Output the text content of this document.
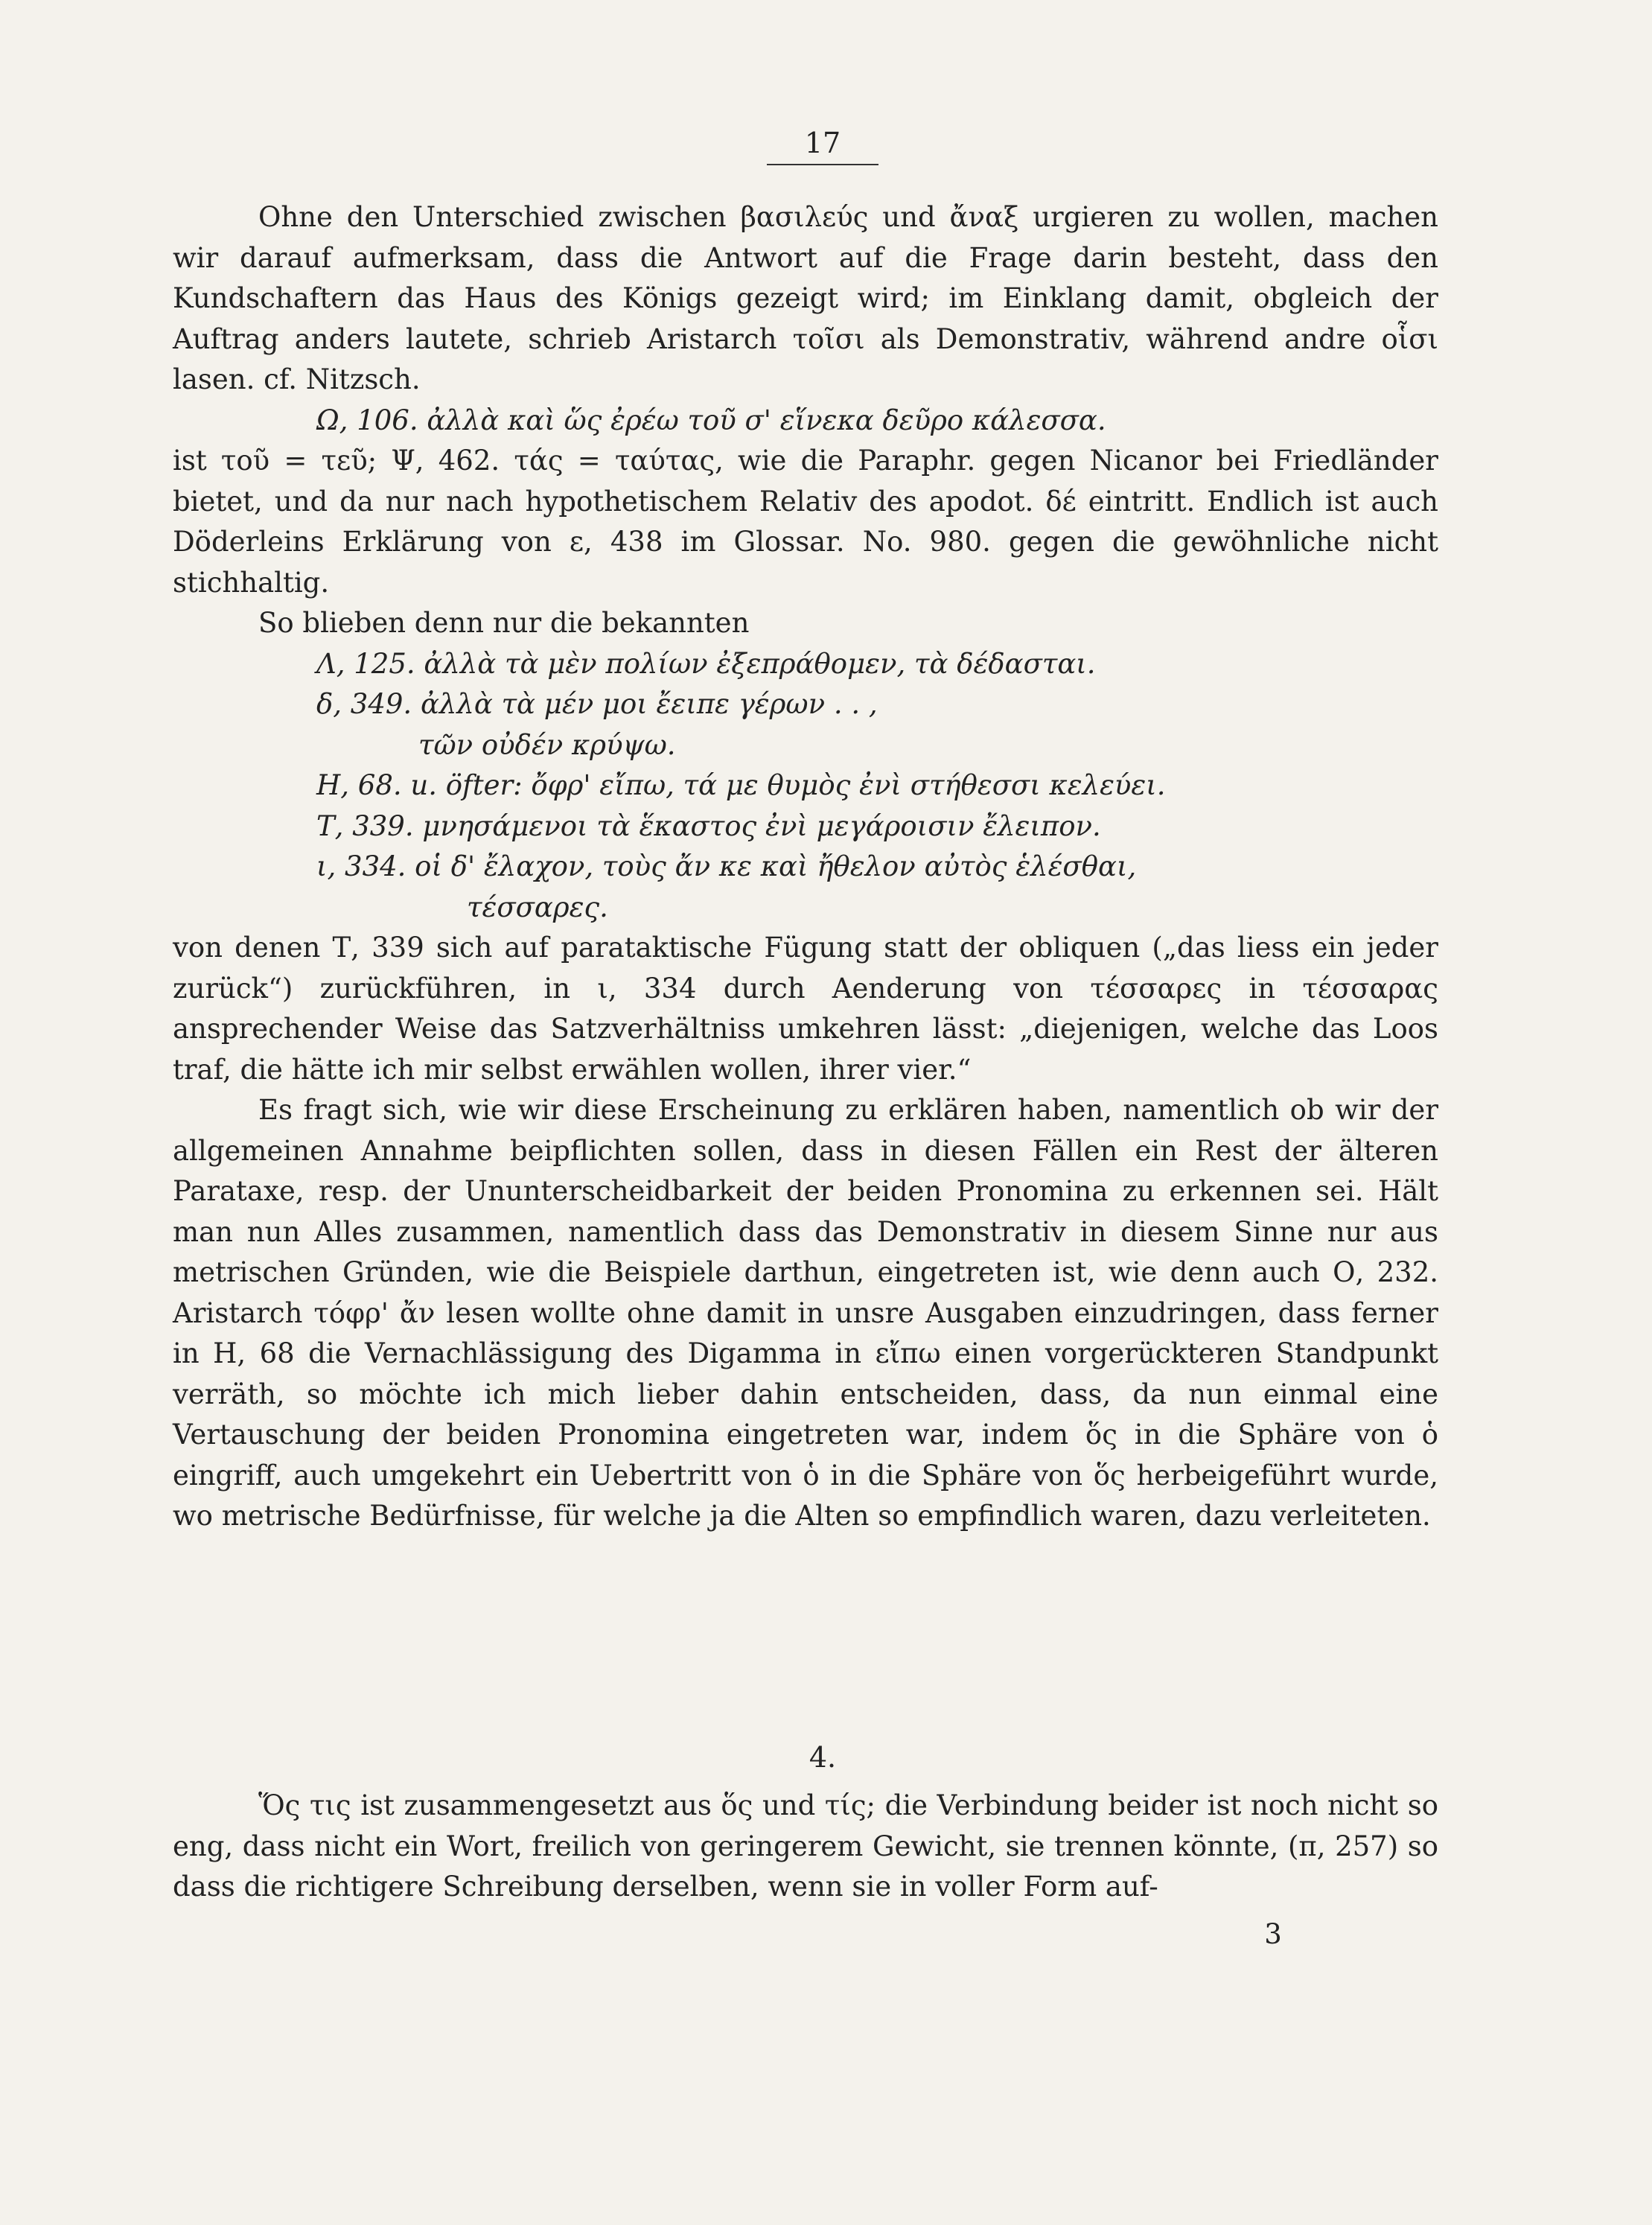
17

Ohne den Unterschied zwischen βασιλεύς und ἄναξ urgieren zu wollen, machen wir darauf aufmerksam, dass die Antwort auf die Frage darin besteht, dass den Kundschaftern das Haus des Königs gezeigt wird; im Einklang damit, obgleich der Auftrag anders lautete, schrieb Aristarch τοῖσι als Demonstrativ, während andre οἷσι lasen. cf. Nitzsch.

Ω, 106. ἀλλὰ καὶ ὥς ἐρέω τοῦ σ' εἵνεκα δεῦρο κάλεσσα.

ist τοῦ = τεῦ; Ψ, 462. τάς = ταύτας, wie die Paraphr. gegen Nicanor bei Friedländer bietet, und da nur nach hypothetischem Relativ des apodot. δέ eintritt. Endlich ist auch Döderleins Erklärung von ε, 438 im Glossar. No. 980. gegen die gewöhnliche nicht stichhaltig.

So blieben denn nur die bekannten

Λ, 125. ἀλλὰ τὰ μὲν πολίων ἐξεπράθομεν, τὰ δέδασται.

δ, 349. ἀλλὰ τὰ μέν μοι ἔειπε γέρων . . ,

τῶν οὐδέν κρύψω.

Η, 68. u. öfter: ὄφρ' εἴπω, τά με θυμὸς ἐνὶ στήθεσσι κελεύει.

Τ, 339. μνησάμενοι τὰ ἕκαστος ἐνὶ μεγάροισιν ἔλειπον.

ι, 334. οἱ δ' ἔλαχον, τοὺς ἄν κε καὶ ἤθελον αὐτὸς ἑλέσθαι,

τέσσαρες.

von denen Τ, 339 sich auf parataktische Fügung statt der obliquen („das liess ein jeder zurück“) zurückführen, in ι, 334 durch Aenderung von τέσσαρες in τέσσαρας ansprechender Weise das Satzverhältniss umkehren lässt: „diejenigen, welche das Loos traf, die hätte ich mir selbst erwählen wollen, ihrer vier.“

Es fragt sich, wie wir diese Erscheinung zu erklären haben, namentlich ob wir der allgemeinen Annahme beipflichten sollen, dass in diesen Fällen ein Rest der älteren Parataxe, resp. der Ununterscheidbarkeit der beiden Pronomina zu erkennen sei. Hält man nun Alles zusammen, namentlich dass das Demonstrativ in diesem Sinne nur aus metrischen Gründen, wie die Beispiele darthun, eingetreten ist, wie denn auch Ο, 232. Aristarch τόφρ' ἄν lesen wollte ohne damit in unsre Ausgaben einzudringen, dass ferner in Η, 68 die Vernachlässigung des Digamma in εἴπω einen vorgerückteren Standpunkt verräth, so möchte ich mich lieber dahin entscheiden, dass, da nun einmal eine Vertauschung der beiden Pronomina eingetreten war, indem ὅς in die Sphäre von ὁ eingriff, auch umgekehrt ein Uebertritt von ὁ in die Sphäre von ὅς herbeigeführt wurde, wo metrische Bedürfnisse, für welche ja die Alten so empfindlich waren, dazu verleiteten.

4.

Ὅς τις ist zusammengesetzt aus ὅς und τίς; die Verbindung beider ist noch nicht so eng, dass nicht ein Wort, freilich von geringerem Gewicht, sie trennen könnte, (π, 257) so dass die richtigere Schreibung derselben, wenn sie in voller Form auf-

3
